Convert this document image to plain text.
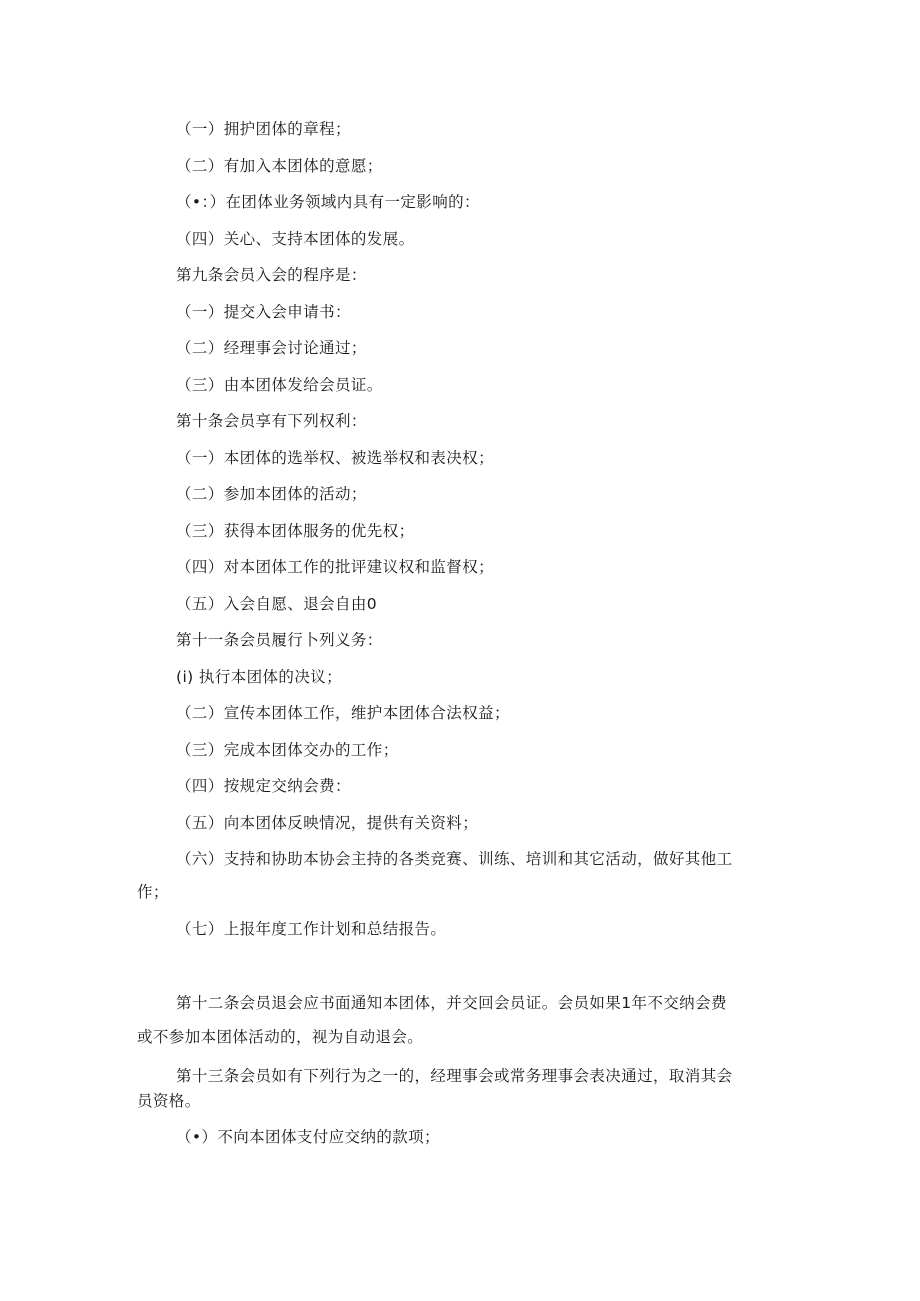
（一）拥护团体的章程；
（二）有加入本团体的意愿；
（•：）在团体业务领域内具有一定影响的：
（四）关心、支持本团体的发展。
第九条会员入会的程序是：
（一）提交入会申请书：
（二）经理事会讨论通过；
（三）由本团体发给会员证。
第十条会员享有下列权利：
（一）本团体的选举权、被选举权和表决权；
（二）参加本团体的活动；
（三）获得本团体服务的优先权；
（四）对本团体工作的批评建议权和监督权；
（五）入会自愿、退会自由0
第十一条会员履行卜列义务：
(i) 执行本团体的决议；
（二）宣传本团体工作，维护本团体合法权益；
（三）完成本团体交办的工作；
（四）按规定交纳会费：
（五）向本团体反映情况，提供有关资料；
（六）支持和协助本协会主持的各类竞赛、训练、培训和其它活动，做好其他工
作；
（七）上报年度工作计划和总结报告。
第十二条会员退会应书面通知本团体，并交回会员证。会员如果1年不交纳会费
或不参加本团体活动的，视为自动退会。
第十三条会员如有下列行为之一的，经理事会或常务理事会表决通过，取消其会
员资格。
（•）不向本团体支付应交纳的款项；
